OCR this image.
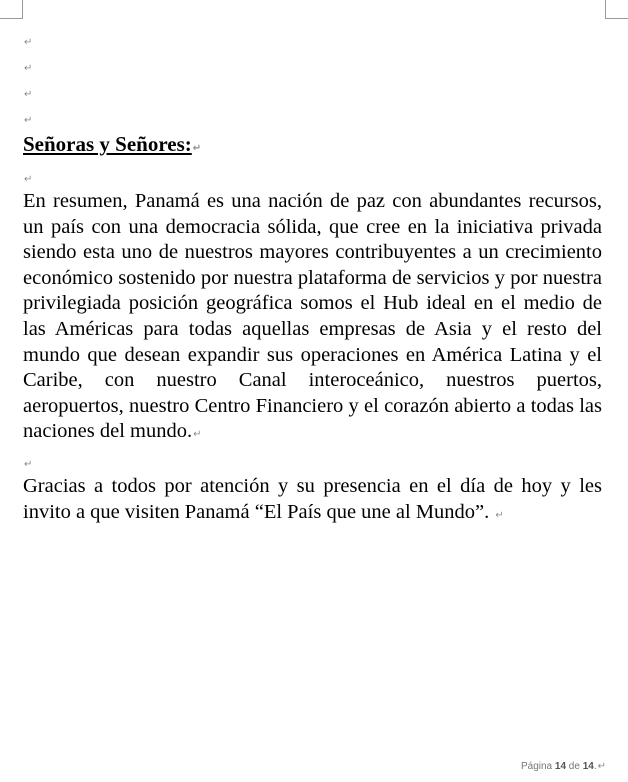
↵
↵
↵
↵
Señoras y Señores:↵
↵

En resumen, Panamá es una nación de paz con abundantes recursos, un país con una democracia sólida, que cree en la iniciativa privada siendo esta uno de nuestros mayores contribuyentes a un crecimiento económico sostenido por nuestra plataforma de servicios y por nuestra privilegiada posición geográfica somos el Hub ideal en el medio de las Américas para todas aquellas empresas de Asia y el resto del mundo que desean expandir sus operaciones en América Latina y el Caribe, con nuestro Canal interoceánico, nuestros puertos, aeropuertos, nuestro Centro Financiero y el corazón abierto a todas las naciones del mundo.↵

↵

Gracias a todos por atención y su presencia en el día de hoy y les invito a que visiten Panamá “El País que une al Mundo”. ↵

Página 14 de 14.↵
